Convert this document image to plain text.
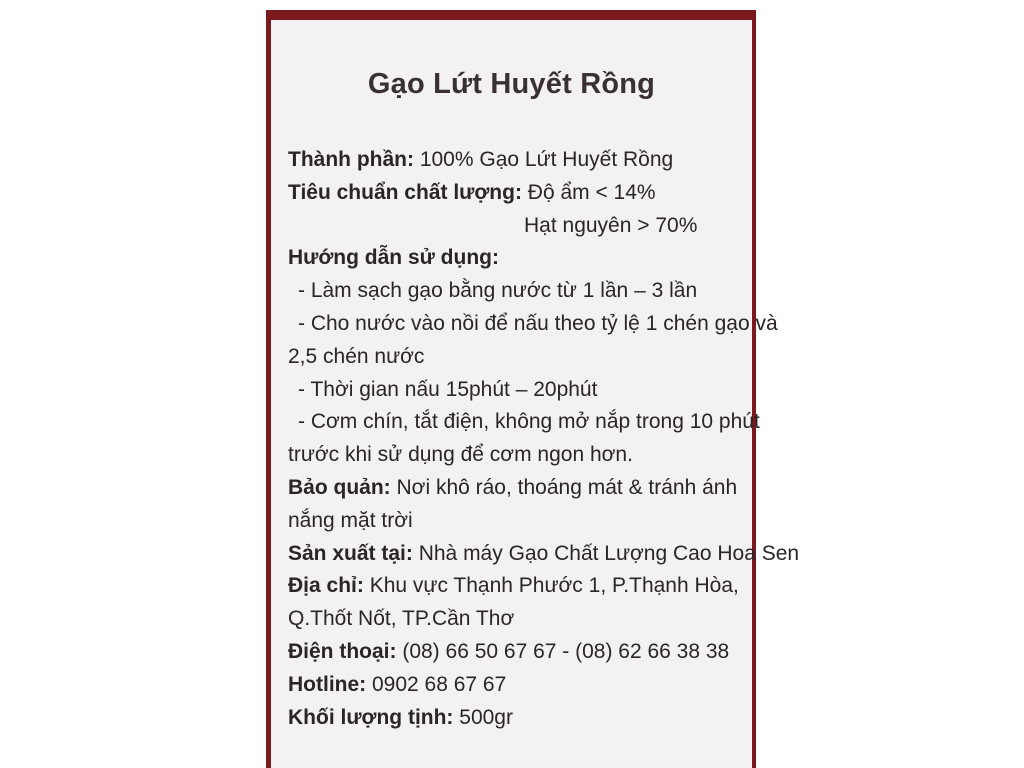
Gạo Lứt Huyết Rồng
Thành phần: 100% Gạo Lứt Huyết Rồng
Tiêu chuẩn chất lượng: Độ ẩm < 14%
Hạt nguyên > 70%
Hướng dẫn sử dụng:
- Làm sạch gạo bằng nước từ 1 lần – 3 lần
- Cho nước vào nồi để nấu theo tỷ lệ 1 chén gạo và
2,5 chén nước
- Thời gian nấu 15phút – 20phút
- Cơm chín, tắt điện, không mở nắp trong 10 phút
trước khi sử dụng để cơm ngon hơn.
Bảo quản: Nơi khô ráo, thoáng mát & tránh ánh
nắng mặt trời
Sản xuất tại: Nhà máy Gạo Chất Lượng Cao Hoa Sen
Địa chỉ: Khu vực Thạnh Phước 1, P.Thạnh Hòa,
Q.Thốt Nốt, TP.Cần Thơ
Điện thoại: (08) 66 50 67 67 - (08) 62 66 38 38
Hotline: 0902 68 67 67
Khối lượng tịnh: 500gr
